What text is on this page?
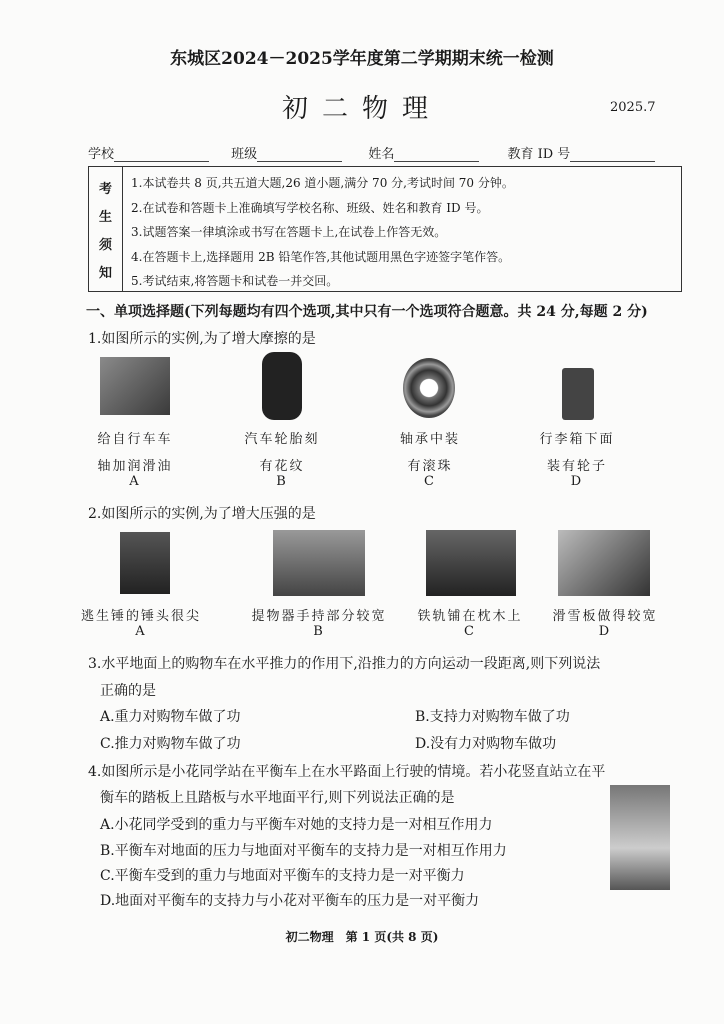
东城区2024－2025学年度第二学期期末统一检测
初二物理	2025.7
学校	班级	姓名	教育 ID 号
考
生
须
知
1.本试卷共 8 页,共五道大题,26 道小题,满分 70 分,考试时间 70 分钟。
2.在试卷和答题卡上准确填写学校名称、班级、姓名和教育 ID 号。
3.试题答案一律填涂或书写在答题卡上,在试卷上作答无效。
4.在答题卡上,选择题用 2B 铅笔作答,其他试题用黑色字迹签字笔作答。
5.考试结束,将答题卡和试卷一并交回。
一、单项选择题(下列每题均有四个选项,其中只有一个选项符合题意。共 24 分,每题 2 分)
1.如图所示的实例,为了增大摩擦的是
给自行车车
轴加润滑油
A
汽车轮胎刻
有花纹
B
轴承中装
有滚珠
C
行李箱下面
装有轮子
D
2.如图所示的实例,为了增大压强的是
逃生锤的锤头很尖
A
提物器手持部分较宽
B
铁轨铺在枕木上
C
滑雪板做得较宽
D
3.水平地面上的购物车在水平推力的作用下,沿推力的方向运动一段距离,则下列说法
正确的是
A.重力对购物车做了功	B.支持力对购物车做了功
C.推力对购物车做了功	D.没有力对购物车做功
4.如图所示是小花同学站在平衡车上在水平路面上行驶的情境。若小花竖直站立在平
衡车的踏板上且踏板与水平地面平行,则下列说法正确的是
A.小花同学受到的重力与平衡车对她的支持力是一对相互作用力
B.平衡车对地面的压力与地面对平衡车的支持力是一对相互作用力
C.平衡车受到的重力与地面对平衡车的支持力是一对平衡力
D.地面对平衡车的支持力与小花对平衡车的压力是一对平衡力
初二物理　第 1 页(共 8 页)
